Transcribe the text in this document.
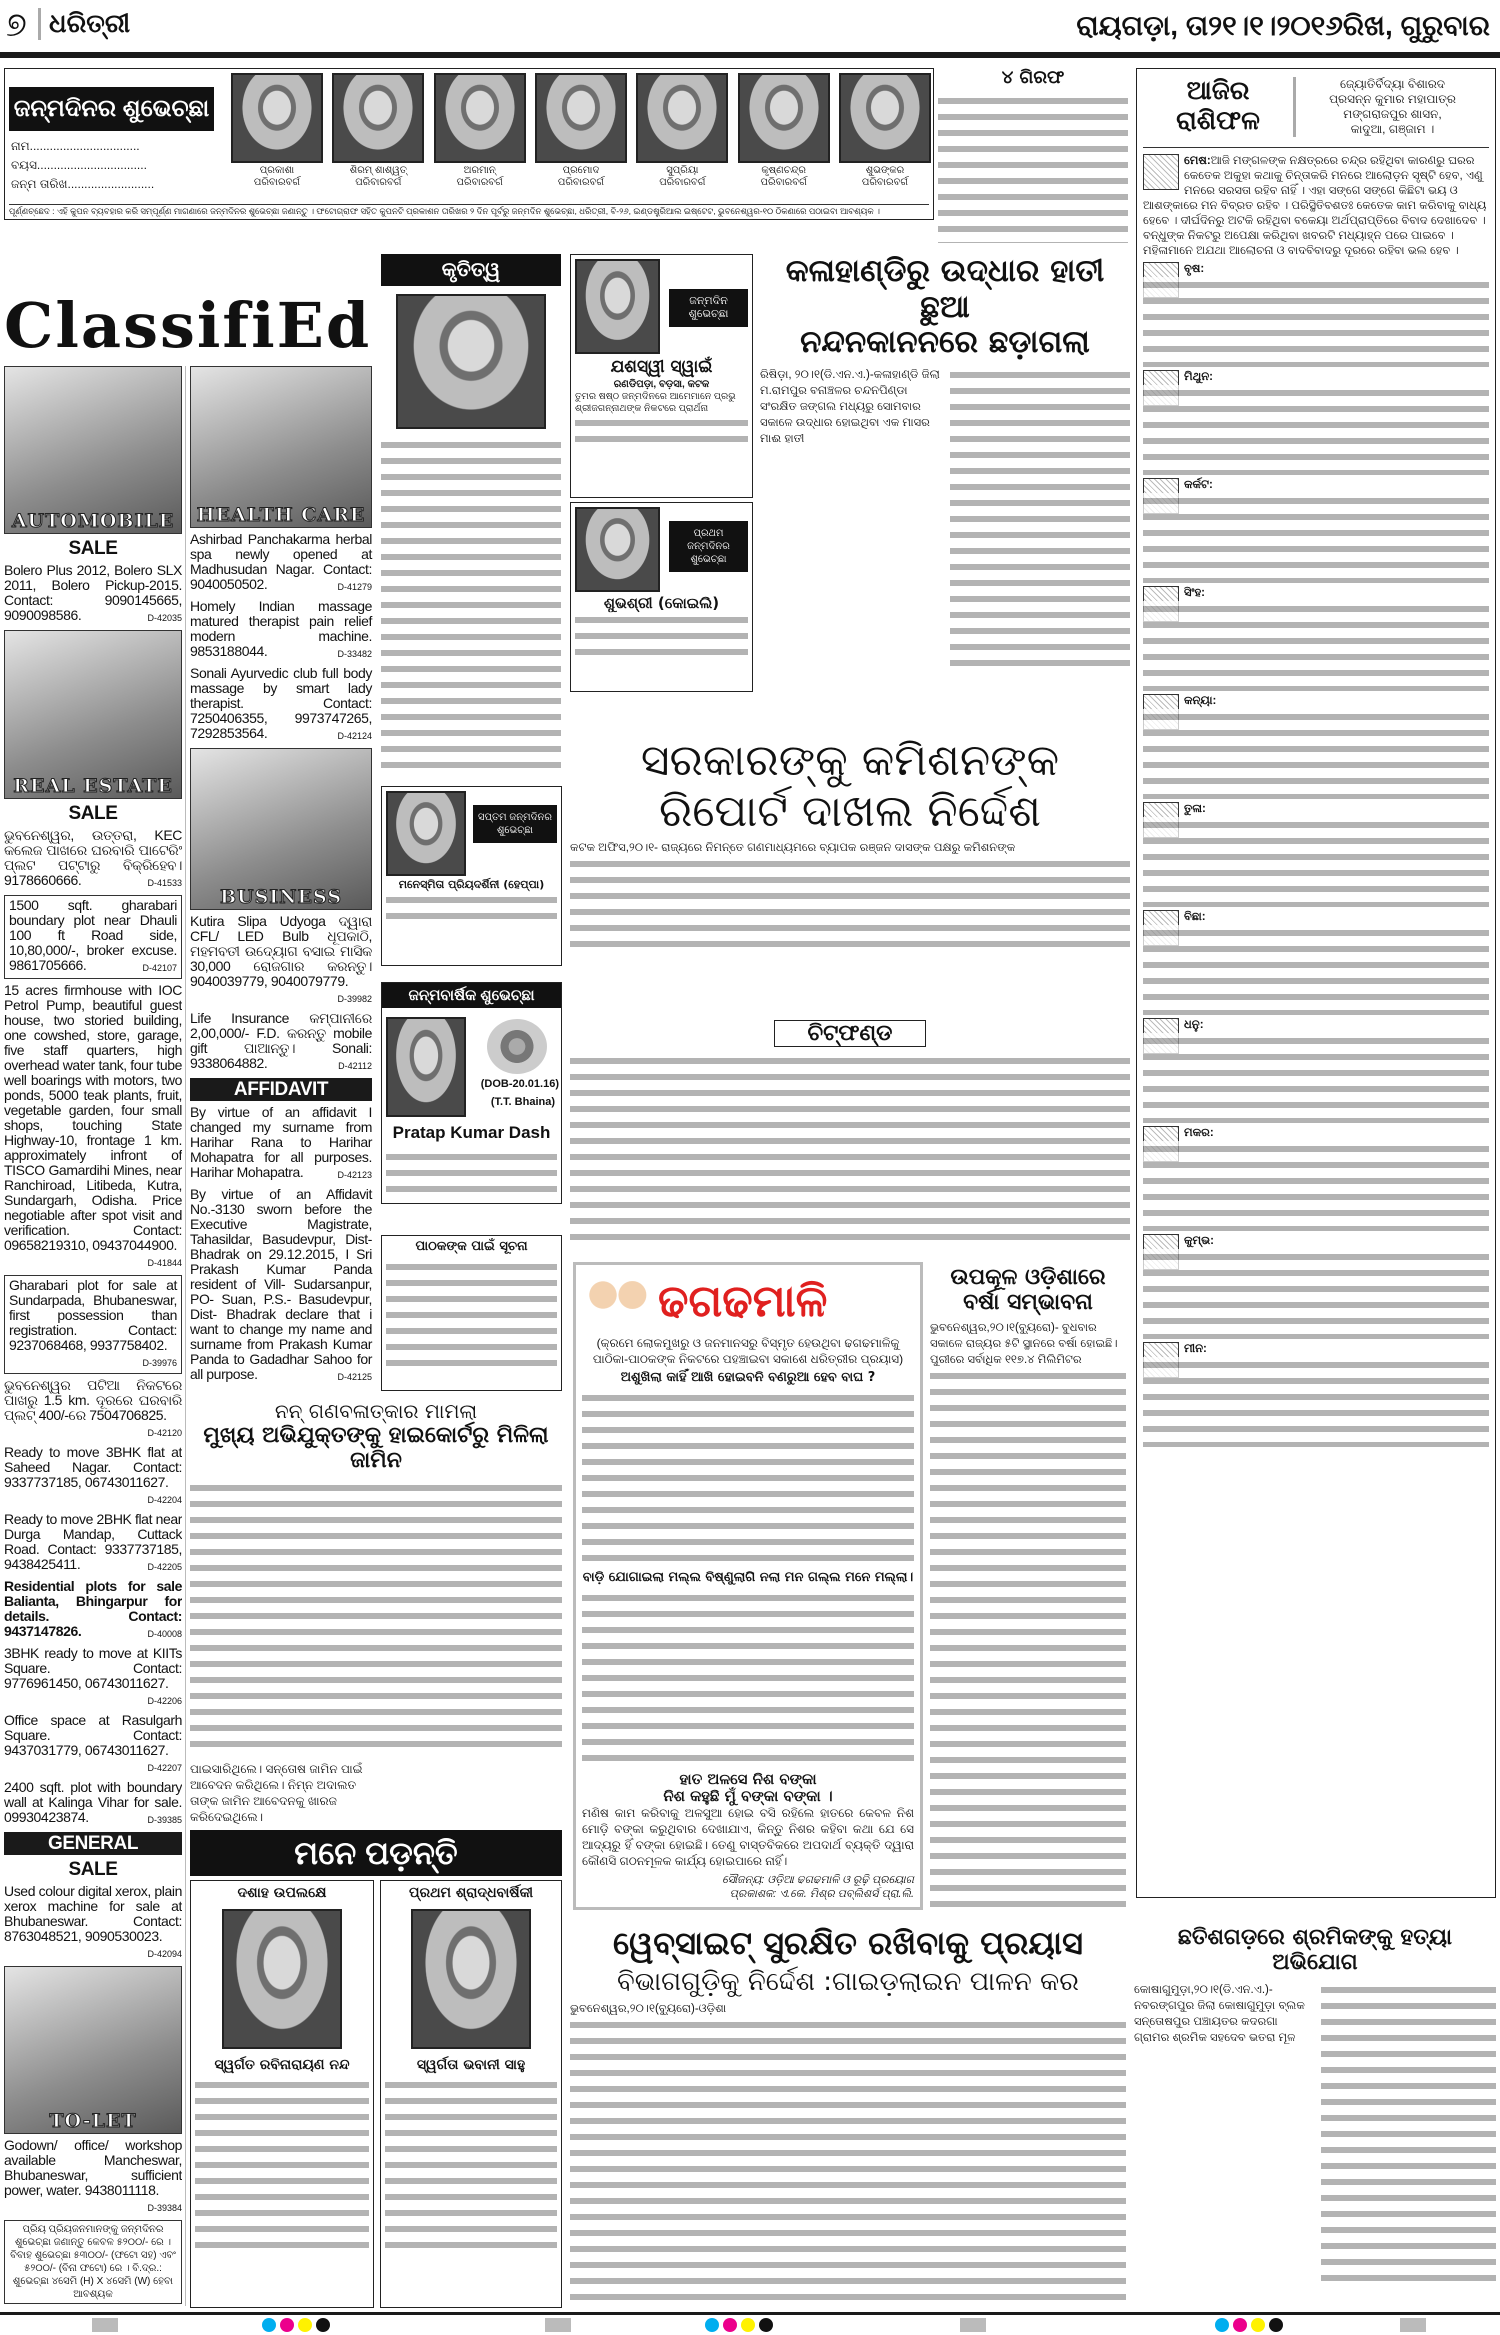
୭ ଧରିତ୍ରୀ	ରାୟଗଡ଼ା, ତା୨୧।୧।୨୦୧୬ରିଖ, ଗୁରୁବାର
ଜନ୍ମଦିନର ଶୁଭେଚ୍ଛା
ନାମ.................................
ବୟସ.................................
ଜନ୍ମ ତାରିଖ..........................
ପ୍ରକାଶା
ପରିବାରବର୍ଗ
ଶିରମ୍ ଶାଶ୍ୱତ୍
ପରିବାରବର୍ଗ
ଅରମାନ୍
ପରିବାରବର୍ଗ
ପ୍ରମୋଦ
ପରିବାରବର୍ଗ
ସୁପ୍ରିୟା
ପରିବାରବର୍ଗ
କୃଷ୍ଣଚନ୍ଦ୍ର
ପରିବାରବର୍ଗ
ଶୁଭଙ୍କର
ପରିବାରବର୍ଗ
ପୂର୍ଣ୍ଣଚ୍ଛେଦ : ଏହି କୁପନ ବ୍ୟବହାର କରି ସମ୍ପୂର୍ଣ୍ଣ ମାଗଣାରେ ଜନ୍ମଦିନର ଶୁଭେଚ୍ଛା ଜଣାନ୍ତୁ । ଫଟୋଗ୍ରାଫ ସହିତ କୁପନଟି ପ୍ରକାଶନ ତାରିଖର ୨ ଦିନ ପୂର୍ବରୁ ଜନ୍ମଦିନ ଶୁଭେଚ୍ଛା, ଧରିତ୍ରୀ, ବି-୨୬, ଇଣ୍ଡଷ୍ଟ୍ରିଆଲ ଇଷ୍ଟେଟ, ଭୁବନେଶ୍ୱର-୧୦ ଠିକଣାରେ ପଠାଇବା ଆବଶ୍ୟକ ।
୪ ଗିରଫ	ଆଜିର
ରାଶିଫଳ
ଜ୍ୟୋତିର୍ବିଦ୍ୟା ବିଶାରଦ
ପ୍ରସନ୍ନ କୁମାର ମହାପାତ୍ର
ମଙ୍ଗରାଜପୁର ଶାସନ,
କାଦୁଆ, ଗଞ୍ଜାମ ।
ମେଷ:ଆଜି ମଙ୍ଗଳଙ୍କ ନକ୍ଷତ୍ରରେ ଚନ୍ଦ୍ର ରହିଥିବା କାରଣରୁ ଘରର କେତେକ ଅକୁହା କଥାକୁ ଚିନ୍ତାକରି ମନରେ ଆଲୋଡ଼ନ ସୃଷ୍ଟି ହେବ, ଏଣୁ ମନରେ ସରସତା ରହିବ ନାହିଁ । ଏହା ସଙ୍ଗେ ସଙ୍ଗେ କିଛିଟା ଭୟ ଓ ଆଶଙ୍କାରେ ମନ ବିବ୍ରତ ରହିବ । ପରିସ୍ଥିତିବଶତଃ କେତେକ କାମ କରିବାକୁ ବାଧ୍ୟ ହେବେ । ଦୀର୍ଘଦିନରୁ ଅଟକି ରହିଥିବା ବକେୟା ଅର୍ଥପ୍ରାପ୍ତିରେ ବିବାଦ ଦେଖାଦେବ । ବନ୍ଧୁଙ୍କ ନିକଟରୁ ଅପେକ୍ଷା କରିଥିବା ଖବରଟି ମଧ୍ୟାହ୍ନ ପରେ ପାଇବେ । ମହିଳାମାନେ ଅଯଥା ଆଲୋଚନା ଓ ବାଦବିବାଦରୁ ଦୂରରେ ରହିବା ଭଲ ହେବ ।
ବୃଷ:
ମିଥୁନ:
କର୍କଟ:
ସିଂହ:
କନ୍ୟା:
ତୁଳା:
ବିଛା:
ଧନୁ:
ମକର:
କୁମ୍ଭ:
ମୀନ:
ClassifiEd
AUTOMOBILE
SALE
Bolero Plus 2012, Bolero SLX 2011, Bolero Pickup-2015. Contact: 9090145665, 9090098586.	D-42035
REAL ESTATE
SALE
ଭୁବନେଶ୍ୱର, ଉତ୍ତରା, KEC କଲେଜ ପାଖରେ ଘରବାରି ପାଟେରିଂ ପ୍ଲଟ ପଟ୍ଟାରୁ ବିକ୍ରିହେବ। 9178660666.	D-41533
1500 sqft. gharabari boundary plot near Dhauli 100 ft Road side, 10,80,000/-, broker excuse. 9861705666.	D-42107
15 acres firmhouse with IOC Petrol Pump, beautiful guest house, two storied building, one cowshed, store, garage, five staff quarters, high overhead water tank, four tube well boarings with motors, two ponds, 5000 teak plants, fruit, vegetable garden, four small shops, touching State Highway-10, frontage 1 km. approximately infront of TISCO Gamardihi Mines, near Ranchiroad, Litibeda, Kutra, Sundargarh, Odisha. Price negotiable after spot visit and verification. Contact: 09658219310, 09437044900.
D-41844
Gharabari plot for sale at Sundarpada, Bhubaneswar, first possession than registration. Contact: 9237068468, 9937758402.
D-39976
ଭୁବନେଶ୍ୱର ପଟିଆ ନିକଟରେ ପାଖରୁ 1.5 km. ଦୂରରେ ଘରବାରି ପ୍ଲଟ୍ 400/-ରେ 7504706825.
D-42120
Ready to move 3BHK flat at Saheed Nagar. Contact: 9337737185, 06743011627.
D-42204
Ready to move 2BHK flat near Durga Mandap, Cuttack Road. Contact: 9337737185, 9438425411.	D-42205
Residential plots for sale Balianta, Bhingarpur for details. Contact: 9437147826.	D-40008
3BHK ready to move at KIITs Square. Contact: 9776961450, 06743011627.
D-42206
Office space at Rasulgarh Square. Contact: 9437031779, 06743011627.
D-42207
2400 sqft. plot with boundary wall at Kalinga Vihar for sale. 09930423874.	D-39385
GENERAL
SALE
Used colour digital xerox, plain xerox machine for sale at Bhubaneswar. Contact: 8763048521, 9090530023.
D-42094
TO-LET
Godown/ office/ workshop available Mancheswar, Bhubaneswar, sufficient power, water. 9438011118.
D-39384
ପ୍ରିୟ ପ୍ରିୟଜନମାନଙ୍କୁ ଜନ୍ମଦିନର ଶୁଭେଚ୍ଛା ଜଣାନ୍ତୁ କେବଳ ୫୨୦୦/- ରେ । ବିବାହ ଶୁଭେଚ୍ଛା ୫୩୦୦/- (ଫଟୋ ସହ) ଏବଂ ୫୨୦୦/- (ବିନା ଫଟୋ) ରେ । ବି.ଦ୍ର.: ଶୁଭେଚ୍ଛା ୪ସେମି (H) X ୪ସେମି (W) ହେବା ଆବଶ୍ୟକ
HEALTH CARE
Ashirbad Panchakarma herbal spa newly opened at Madhusudan Nagar. Contact: 9040050502.	D-41279
Homely Indian massage matured therapist pain relief modern machine. 9853188044.	D-33482
Sonali Ayurvedic club full body massage by smart lady therapist. Contact: 7250406355, 9973747265, 7292853564.	D-42124
BUSINESS
Kutira Slipa Udyoga ଦ୍ୱାରା CFL/ LED Bulb ଧୂପକାଠି, ମହମବତୀ ଉଦ୍ୟୋଗ ବସାଇ ମାସିକ 30,000 ରୋଜଗାର କରନ୍ତୁ। 9040039779, 9040079779.
D-39982
Life Insurance କମ୍ପାନୀରେ 2,00,000/- F.D. କରନ୍ତୁ mobile gift ପାଆନ୍ତୁ। Sonali: 9338064882.	D-42112
AFFIDAVIT
By virtue of an affidavit I changed my surname from Harihar Rana to Harihar Mohapatra for all purposes. Harihar Mohapatra.	D-42123
By virtue of an Affidavit No.-3130 sworn before the Executive Magistrate, Tahasildar, Basudevpur, Dist- Bhadrak on 29.12.2015, I Sri Prakash Kumar Panda resident of Vill- Sudarsanpur, PO- Suan, P.S.- Basudevpur, Dist- Bhadrak declare that i want to change my name and surname from Prakash Kumar Panda to Gadadhar Sahoo for all purpose.	D-42125
କୃତିତ୍ୱ
ଜନ୍ମଦିନ ଶୁଭେଚ୍ଛା
ଯଶସ୍ୱୀ ସ୍ୱାଇଁ
ରଣଡିପଡ଼ା, ବଡ଼ସା, କଟକ
ତୁମର ଷଷ୍ଠ ଜନ୍ମଦିନରେ ଆମେମାନେ ପ୍ରଭୁ ଶ୍ରୀଜଗନ୍ନାଥଙ୍କ ନିକଟରେ ପ୍ରାର୍ଥନା
ପ୍ରଥମ ଜନ୍ମଦିନର ଶୁଭେଚ୍ଛା
ଶୁଭଶ୍ରୀ (କୋଇଲି)
କଳାହାଣ୍ଡିରୁ ଉଦ୍ଧାର ହାତୀ ଛୁଆ
ନନ୍ଦନକାନନରେ ଛଡ଼ାଗଲା
ରିଷିଡ଼ା, ୨୦।୧(ଡି.ଏନ.ଏ.)-କଳାହାଣ୍ଡି ଜିଲା ମ.ରାମପୁର ବନାଞ୍ଚଳର ଚନ୍ଦନପିଣ୍ଡା ସଂରକ୍ଷିତ ଜଙ୍ଗଲ ମଧ୍ୟରୁ ସୋମବାର ସକାଳେ ଉଦ୍ଧାର ହୋଇଥିବା ଏକ ମାସର ମାଈ ହାତୀ
ସପ୍ତମ ଜନ୍ମଦିନର ଶୁଭେଚ୍ଛା
ମନେସ୍ମିତା ପ୍ରିୟଦର୍ଶିନୀ (ହେପ୍ପା)
ସରକାରଙ୍କୁ କମିଶନଙ୍କ
ରିପୋର୍ଟ ଦାଖଲ ନିର୍ଦ୍ଦେଶ
କଟକ ଅଫିସ,୨୦।୧- ରାଜ୍ୟରେ ନିମନ୍ତେ ଗଣମାଧ୍ୟମରେ ବ୍ୟାପକ ରଞ୍ଜନ ଦାସଙ୍କ ପକ୍ଷରୁ କମିଶନଙ୍କ
ଚିଟ୍‌ଫଣ୍ଡ
ଜନ୍ମବାର୍ଷିକ ଶୁଭେଚ୍ଛା
(DOB-20.01.16)
(T.T. Bhaina)
Pratap Kumar Dash
ପାଠକଙ୍କ ପାଇଁ ସୂଚନା
ନନ୍ ଗଣବଳାତ୍କାର ମାମଲା
ମୁଖ୍ୟ ଅଭିଯୁକ୍ତଙ୍କୁ ହାଇକୋର୍ଟରୁ ମିଳିଲା ଜାମିନ
ପାଇସାରିଥିଲେ। ସନ୍ତୋଷ ଜାମିନ ପାଇଁ ଆବେଦନ କରିଥିଲେ। ନିମ୍ନ ଅଦାଲତ ତାଙ୍କ ଜାମିନ ଆବେଦନକୁ ଖାରଜ କରିଦେଇଥିଲେ।
ଢଗଢମାଳି
(କ୍ରମେ ଲୋକମୁଖରୁ ଓ ଜନମାନସରୁ ବିସ୍ମୃତ ହେଉଥିବା ଢଗଢମାଳିକୁ ପାଠିକା-ପାଠକଙ୍କ ନିକଟରେ ପହଞ୍ଚାଇବା ସକାଶେ ଧରିତ୍ରୀର ପ୍ରୟାସ)
ଅଶୁଖିଲା କାହିଁ ଆଖି ହୋଇବନି ବଣରୁଆ ହେବ ବାଘ ?
ବାଡ଼ି ଯୋଗାଇଲା ମଲ୍ଲ ବିଷ୍ଣୁଲାଗି ନଲା ମନ ଗଲ୍ଲ ମନେ ମଲ୍ଲା।
ହାତ ଅଳସେ ନିଶ ବଙ୍କା
ନିଶ କହୁଛି ମୁଁ ବଙ୍କା ବଙ୍କା ।
ମଣିଷ କାମ କରିବାକୁ ଅଳସୁଆ ହୋଇ ବସି ରହିଲେ ହାତରେ କେବଳ ନିଶ ମୋଡ଼ି ବଙ୍କା କରୁଥିବାର ଦେଖାଯାଏ, କିନ୍ତୁ ନିଶର କହିବା କଥା ଯେ ସେ ଆଦ୍ୟରୁ ହିଁ ବଙ୍କା ହୋଇଛି। ତେଣୁ ବାସ୍ତବିକରେ ଅପଦାର୍ଥ ବ୍ୟକ୍ତି ଦ୍ୱାରା କୌଣସି ଗଠନମୂଳକ କାର୍ଯ୍ୟ ହୋଇପାରେ ନାହିଁ।
ସୌଜନ୍ୟ: ଓଡ଼ିଆ ଢଗଢମାଳି ଓ ରୂଢ଼ି ପ୍ରୟୋଗ
ପ୍ରକାଶକ: ଏ.କେ. ମିଶ୍ର ପବ୍ଲିଶର୍ସ ପ୍ରା.ଲି.
ଉପକୂଳ ଓଡ଼ିଶାରେ
ବର୍ଷା ସମ୍ଭାବନା
ଭୁବନେଶ୍ୱର,୨୦।୧(ବ୍ୟୁରୋ)- ବୁଧବାର ସକାଳେ ରାଜ୍ୟର ୫ଟି ସ୍ଥାନରେ ବର୍ଷା ହୋଇଛି। ପୁରୀରେ ସର୍ବାଧିକ ୧୧୭.୪ ମିଲିମିଟର
ମନେ ପଡ଼ନ୍ତି
ଦଶାହ ଉପଲକ୍ଷେ
ସ୍ୱର୍ଗତ ରବିନାରାୟଣ ନନ୍ଦ
ପ୍ରଥମ ଶ୍ରାଦ୍ଧବାର୍ଷିକୀ
ସ୍ୱର୍ଗତା ଭବାନୀ ସାହୁ
ୱେବ୍‌ସାଇଟ୍ ସୁରକ୍ଷିତ ରଖିବାକୁ ପ୍ରୟାସ
ବିଭାଗଗୁଡ଼ିକୁ ନିର୍ଦ୍ଦେଶ :ଗାଇଡ଼ଲାଇନ ପାଳନ କର
ଭୁବନେଶ୍ୱର,୨୦।୧(ବ୍ୟୁରୋ)-ଓଡ଼ିଶା
ଛତିଶଗଡ଼ରେ ଶ୍ରମିକଙ୍କୁ ହତ୍ୟା ଅଭିଯୋଗ
କୋଷାଗୁମୁଡ଼ା,୨୦।୧(ଡି.ଏନ.ଏ.)- ନବରଙ୍ଗପୁର ଜିଲା କୋଷାଗୁମୁଡ଼ା ବ୍ଲକ ସନ୍ତୋଷପୁର ପଞ୍ଚାୟତର କଦରଗା ଗ୍ରାମର ଶ୍ରମିକ ସହଦେବ ଭତରା ମୂଳ
